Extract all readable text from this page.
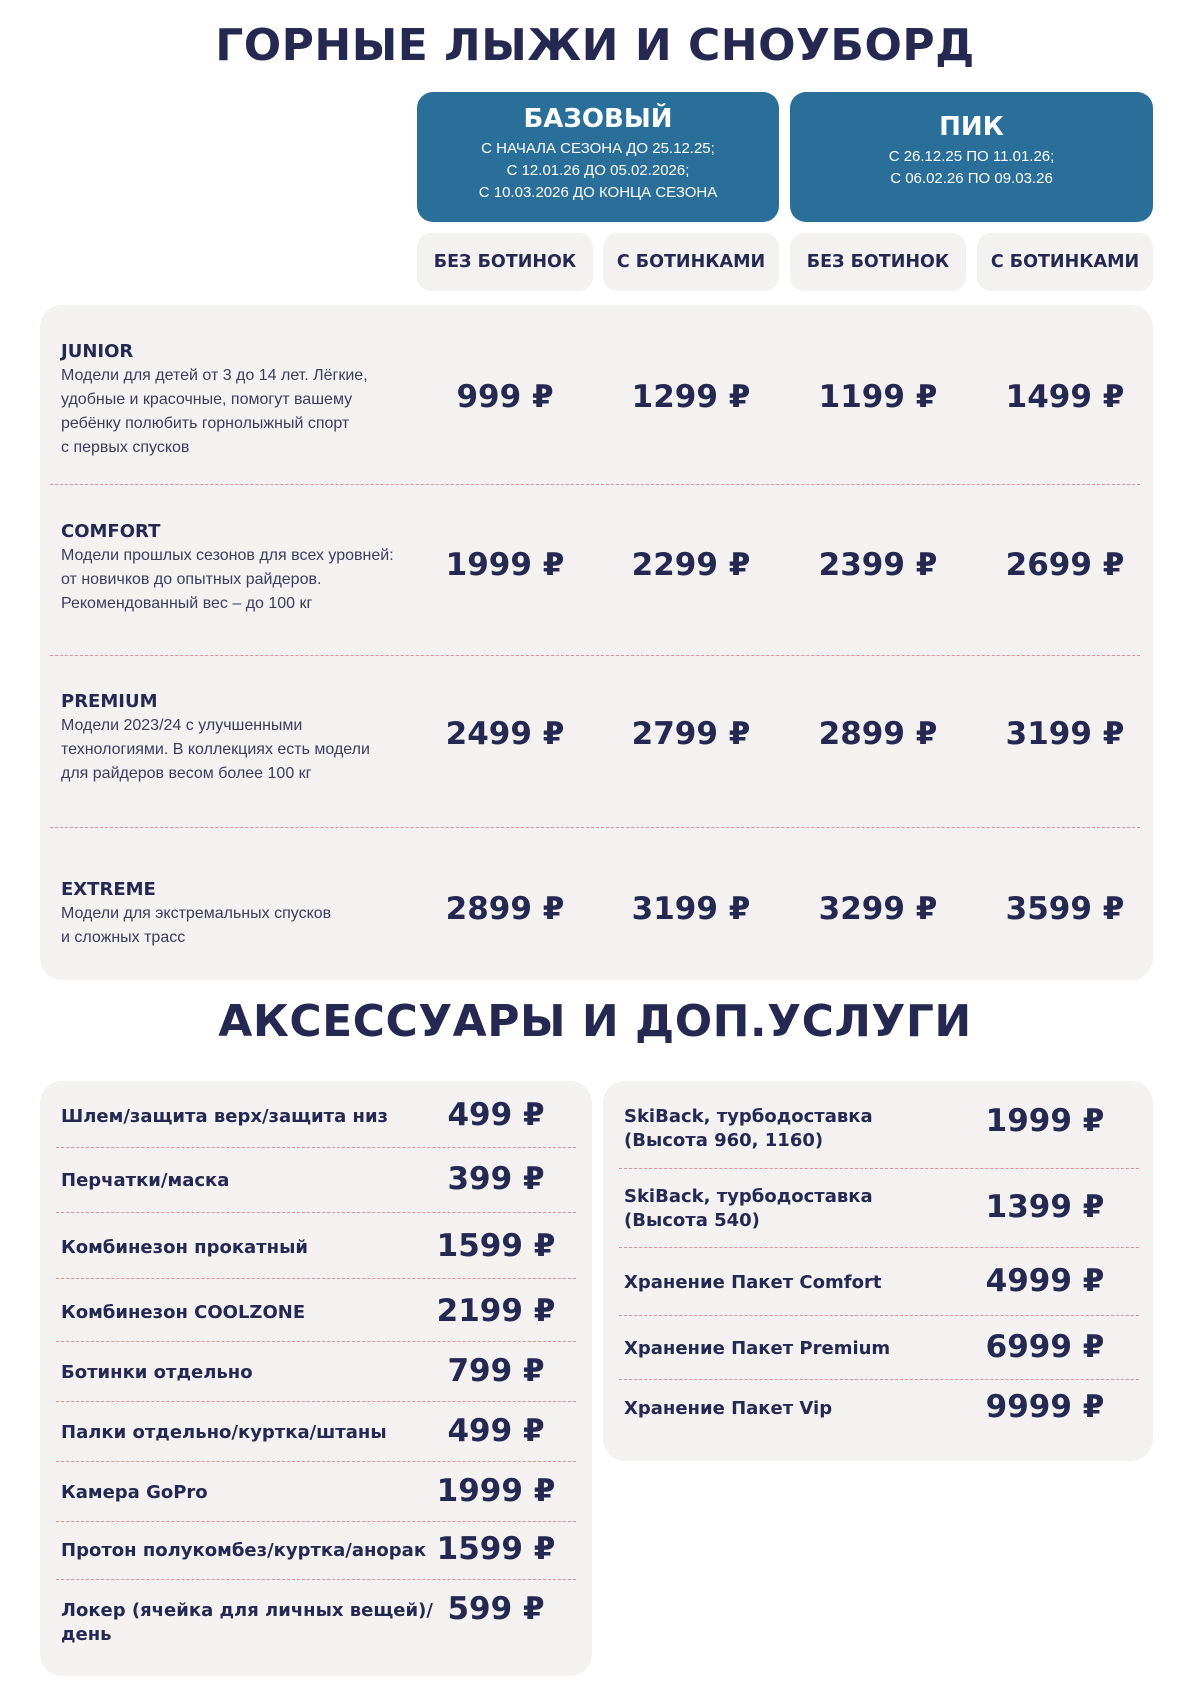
ГОРНЫЕ ЛЫЖИ И СНОУБОРД
БАЗОВЫЙ
С НАЧАЛА СЕЗОНА ДО 25.12.25;
С 12.01.26 ДО 05.02.2026;
С 10.03.2026 ДО КОНЦА СЕЗОНА
ПИК
С 26.12.25 ПО 11.01.26;
С 06.02.26 ПО 09.03.26
БЕЗ БОТИНОК	С БОТИНКАМИ	БЕЗ БОТИНОК	С БОТИНКАМИ
JUNIOR
Модели для детей от 3 до 14 лет. Лёгкие,
удобные и красочные, помогут вашему
ребёнку полюбить горнолыжный спорт
с первых спусков
999 ₽	1299 ₽	1199 ₽	1499 ₽
COMFORT
Модели прошлых сезонов для всех уровней:
от новичков до опытных райдеров.
Рекомендованный вес – до 100 кг
1999 ₽	2299 ₽	2399 ₽	2699 ₽
PREMIUM
Модели 2023/24 с улучшенными
технологиями. В коллекциях есть модели
для райдеров весом более 100 кг
2499 ₽	2799 ₽	2899 ₽	3199 ₽
EXTREME
Модели для экстремальных спусков
и сложных трасс
2899 ₽	3199 ₽	3299 ₽	3599 ₽
АКСЕССУАРЫ И ДОП.УСЛУГИ
Шлем/защита верх/защита низ	499 ₽
Перчатки/маска	399 ₽
Комбинезон прокатный	1599 ₽
Комбинезон COOLZONE	2199 ₽
Ботинки отдельно	799 ₽
Палки отдельно/куртка/штаны	499 ₽
Камера GoPro	1999 ₽
Протон полукомбез/куртка/анорак 1599 ₽
Локер (ячейка для личных вещей)/
день
599 ₽
SkiBack, турбодоставка
(Высота 960, 1160)
1999 ₽
SkiBack, турбодоставка
(Высота 540)	1399 ₽
Хранение Пакет Comfort	4999 ₽
Хранение Пакет Premium	6999 ₽
Хранение Пакет Vip	9999 ₽
